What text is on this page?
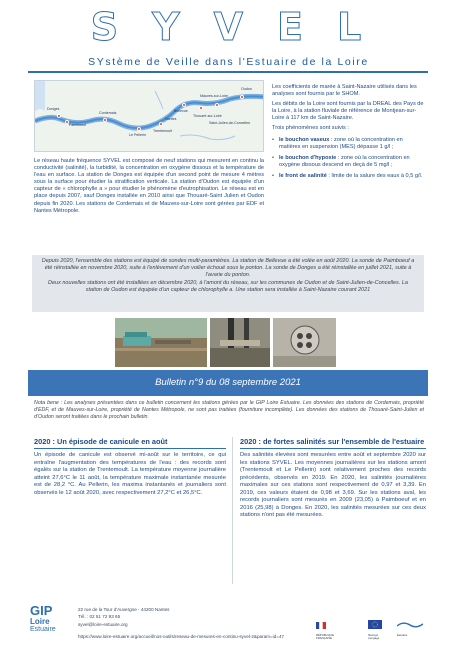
SYVEL
SYstème de Veille dans l'Estuaire de la Loire
Donges
Paimboeuf
Cordemais
Le Pellerin
Trentemoult
Bellevue
Mauves-sur-Loire
Oudon
Thouaré-sur-Loire
Saint-Julien-de-Concelles
Nantes

Les coefficients de marée à Saint-Nazaire utilisés dans les analyses sont fournis par le SHOM.

Les débits de la Loire sont fournis par la DREAL des Pays de la Loire, à la station fluviale de référence de Montjean-sur-Loire à 117 km de Saint-Nazaire.

Trois phénomènes sont suivis :

• le bouchon vaseux : zone où la concentration en matières en suspension (MES) dépasse 1 g/l ;
• le bouchon d'hypoxie : zone où la concentration en oxygène dissous descend en deçà de 5 mg/l ;
• le front de salinité : limite de la salure des eaux à 0,5 g/l.
Le réseau haute fréquence SYVEL est composé de neuf stations qui mesurent en continu la conductivité (salinité), la turbidité, la concentration en oxygène dissous et la température de l'eau en surface. La station de Donges est équipée d'un second point de mesure 4 mètres sous la surface pour étudier la stratification verticale. La station d'Oudon est équipée d'un capteur de « chlorophylle a » pour étudier le phénomène d'eutrophisation. Le réseau est en place depuis 2007, sauf Donges installée en 2010 ainsi que Thouaré-Saint Julien et Oudon depuis fin 2020. Les stations de Cordemais et de Mauves-sur-Loire sont gérées par EDF et Nantes Métropole.
Depuis 2020, l'ensemble des stations est équipé de sondes multi-paramètres. La station de Bellevue a été volée en août 2020. La sonde de Paimboeuf a été réinstallée en novembre 2020, suite à l'enlèvement d'un voilier échoué sous le ponton. La sonde de Donges a été réinstallée en juillet 2021, suite à l'avarie du ponton.
Deux nouvelles stations ont été installées en décembre 2020, à l'amont du réseau, sur les communes de Oudon et de Saint-Julien-de-Concelles. La station de Oudon est équipée d'un capteur de chlorophylle a. Une station sera installée à Saint-Nazaire courant 2021
Bulletin n°9 du 08 septembre 2021
Nota bene : Les analyses présentées dans ce bulletin concernent les stations gérées par le GIP Loire Estuaire. Les données des stations de Cordemais, propriété d'EDF, et de Mauves-sur-Loire, propriété de Nantes Métropole, ne sont pas traitées (fourniture incomplète). Les données des stations de Thouaré-Saint-Julien et d'Oudon seront traitées dans le prochain bulletin.
2020 : Un épisode de canicule en août
Un épisode de canicule est observé mi-août sur le territoire, ce qui entraîne l'augmentation des températures de l'eau : des records sont égalés sur la station de Trentemoult. La température moyenne journalière atteint 27,6°C le 11 août, la température maximale instantanée mesurée est de 28,2 °C. Au Pellerin, les maxima instantanés et journaliers sont observés le 12 août 2020, avec respectivement 27,2°C et 26,5°C.
2020 : de fortes salinités sur l'ensemble de l'estuaire
Des salinités élevées sont mesurées entre août et septembre 2020 sur les stations SYVEL. Les moyennes journalières sur les stations amont (Trentemoult et Le Pellerin) sont relativement proches des records précédents, observés en 2019. En 2020, les salinités journalières maximales sur ces stations sont respectivement de 0,97 et 3,39. En 2019, ces valeurs étaient de 0,98 et 3,69. Sur les stations aval, les records journaliers sont mesurés en 2009 (23,05) à Paimboeuf et en 2016 (25,98) à Donges. En 2020, les salinités mesurées sur ces deux stations n'ont pas été mesurées.
GIP
Loire
Estuaire
22 rue de la Tour d'Auvergne - 44200 Nantes
Tél. : 02 51 72 93 65
syvel@loire-estuaire.org
https://www.loire-estuaire.org/accueil/nos-outils/reseau-de-mesures-en-continu-syvel-2&param=id=47	RÉPUBLIQUE FRANÇAISE
l'Europe s'engage
Estuaire
